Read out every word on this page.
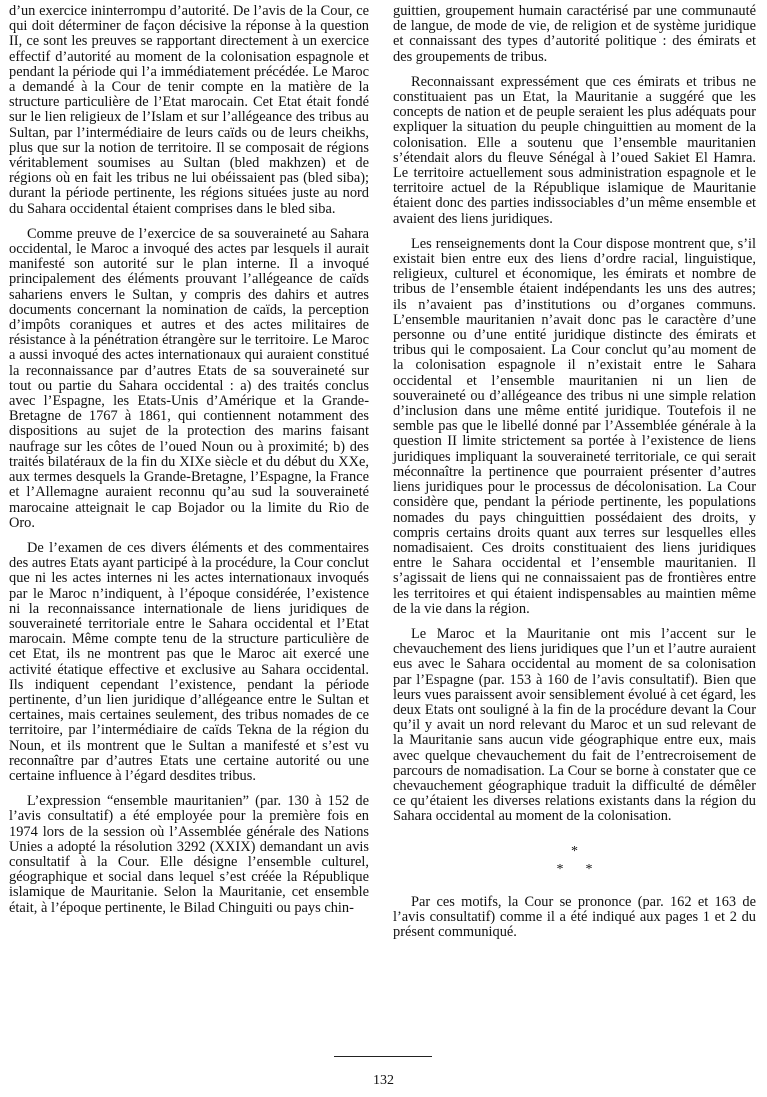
d’un exercice ininterrompu d’autorité. De l’avis de la Cour, ce qui doit déterminer de façon décisive la réponse à la question II, ce sont les preuves se rapportant directement à un exercice effectif d’autorité au moment de la colonisation espagnole et pendant la période qui l’a immédiatement précédée. Le Maroc a demandé à la Cour de tenir compte en la matière de la structure particulière de l’Etat marocain. Cet Etat était fondé sur le lien religieux de l’Islam et sur l’allégeance des tribus au Sultan, par l’intermédiaire de leurs caïds ou de leurs cheikhs, plus que sur la notion de territoire. Il se composait de régions véritablement soumises au Sultan (bled makhzen) et de régions où en fait les tribus ne lui obéissaient pas (bled siba); durant la période pertinente, les régions situées juste au nord du Sahara occidental étaient comprises dans le bled siba.

Comme preuve de l’exercice de sa souveraineté au Sahara occidental, le Maroc a invoqué des actes par lesquels il aurait manifesté son autorité sur le plan interne. Il a invoqué principalement des éléments prouvant l’allégeance de caïds sahariens envers le Sultan, y compris des dahirs et autres documents concernant la nomination de caïds, la perception d’impôts coraniques et autres et des actes militaires de résistance à la pénétration étrangère sur le territoire. Le Maroc a aussi invoqué des actes internationaux qui auraient constitué la reconnaissance par d’autres Etats de sa souveraineté sur tout ou partie du Sahara occidental : a) des traités conclus avec l’Espagne, les Etats-Unis d’Amérique et la Grande-Bretagne de 1767 à 1861, qui contiennent notamment des dispositions au sujet de la protection des marins faisant naufrage sur les côtes de l’oued Noun ou à proximité; b) des traités bilatéraux de la fin du XIXe siècle et du début du XXe, aux termes desquels la Grande-Bretagne, l’Espagne, la France et l’Allemagne auraient reconnu qu’au sud la souveraineté marocaine atteignait le cap Bojador ou la limite du Rio de Oro.

De l’examen de ces divers éléments et des commentaires des autres Etats ayant participé à la procédure, la Cour conclut que ni les actes internes ni les actes internationaux invoqués par le Maroc n’indiquent, à l’époque considérée, l’existence ni la reconnaissance internationale de liens juridiques de souveraineté territoriale entre le Sahara occidental et l’Etat marocain. Même compte tenu de la structure particulière de cet Etat, ils ne montrent pas que le Maroc ait exercé une activité étatique effective et exclusive au Sahara occidental. Ils indiquent cependant l’existence, pendant la période pertinente, d’un lien juridique d’allégeance entre le Sultan et certaines, mais certaines seulement, des tribus nomades de ce territoire, par l’intermédiaire de caïds Tekna de la région du Noun, et ils montrent que le Sultan a manifesté et s’est vu reconnaître par d’autres Etats une certaine autorité ou une certaine influence à l’égard desdites tribus.

L’expression “ensemble mauritanien” (par. 130 à 152 de l’avis consultatif) a été employée pour la première fois en 1974 lors de la session où l’Assemblée générale des Nations Unies a adopté la résolution 3292 (XXIX) demandant un avis consultatif à la Cour. Elle désigne l’ensemble culturel, géographique et social dans lequel s’est créée la République islamique de Mauritanie. Selon la Mauritanie, cet ensemble était, à l’époque pertinente, le Bilad Chinguiti ou pays chin-

guittien, groupement humain caractérisé par une communauté de langue, de mode de vie, de religion et de système juridique et connaissant des types d’autorité politique : des émirats et des groupements de tribus.

Reconnaissant expressément que ces émirats et tribus ne constituaient pas un Etat, la Mauritanie a suggéré que les concepts de nation et de peuple seraient les plus adéquats pour expliquer la situation du peuple chinguittien au moment de la colonisation. Elle a soutenu que l’ensemble mauritanien s’étendait alors du fleuve Sénégal à l’oued Sakiet El Hamra. Le territoire actuellement sous administration espagnole et le territoire actuel de la République islamique de Mauritanie étaient donc des parties indissociables d’un même ensemble et avaient des liens juridiques.

Les renseignements dont la Cour dispose montrent que, s’il existait bien entre eux des liens d’ordre racial, linguistique, religieux, culturel et économique, les émirats et nombre de tribus de l’ensemble étaient indépendants les uns des autres; ils n’avaient pas d’institutions ou d’organes communs. L’ensemble mauritanien n’avait donc pas le caractère d’une personne ou d’une entité juridique distincte des émirats et tribus qui le composaient. La Cour conclut qu’au moment de la colonisation espagnole il n’existait entre le Sahara occidental et l’ensemble mauritanien ni un lien de souveraineté ou d’allégeance des tribus ni une simple relation d’inclusion dans une même entité juridique. Toutefois il ne semble pas que le libellé donné par l’Assemblée générale à la question II limite strictement sa portée à l’existence de liens juridiques impliquant la souveraineté territoriale, ce qui serait méconnaître la pertinence que pourraient présenter d’autres liens juridiques pour le processus de décolonisation. La Cour considère que, pendant la période pertinente, les populations nomades du pays chinguittien possédaient des droits, y compris certains droits quant aux terres sur lesquelles elles nomadisaient. Ces droits constituaient des liens juridiques entre le Sahara occidental et l’ensemble mauritanien. Il s’agissait de liens qui ne connaissaient pas de frontières entre les territoires et qui étaient indispensables au maintien même de la vie dans la région.

Le Maroc et la Mauritanie ont mis l’accent sur le chevauchement des liens juridiques que l’un et l’autre auraient eus avec le Sahara occidental au moment de sa colonisation par l’Espagne (par. 153 à 160 de l’avis consultatif). Bien que leurs vues paraissent avoir sensiblement évolué à cet égard, les deux Etats ont souligné à la fin de la procédure devant la Cour qu’il y avait un nord relevant du Maroc et un sud relevant de la Mauritanie sans aucun vide géographique entre eux, mais avec quelque chevauchement du fait de l’entrecroisement de parcours de nomadisation. La Cour se borne à constater que ce chevauchement géographique traduit la difficulté de démêler ce qu’étaient les diverses relations existants dans la région du Sahara occidental au moment de la colonisation.

*
**

Par ces motifs, la Cour se prononce (par. 162 et 163 de l’avis consultatif) comme il a été indiqué aux pages 1 et 2 du présent communiqué.

132
